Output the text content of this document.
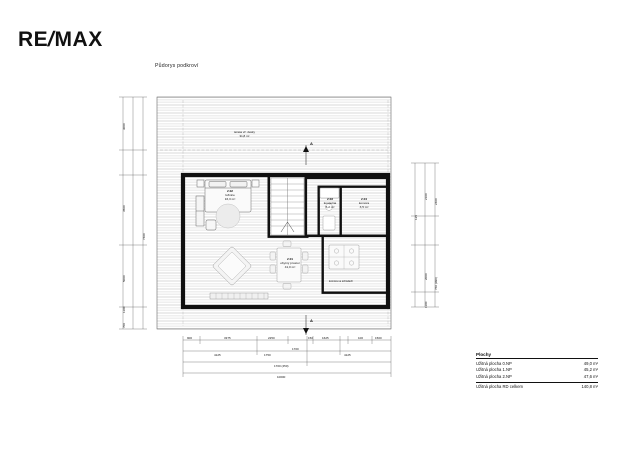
RE/MAX
Půdorys podkroví
terasa vč. desky
31,8 m²
2.01
obytný prostor
41,0 m²
2.02
ložnice
16,3 m²	2.03
koupelna
5,2 m²
2.04
komora
3,5 m²
komora ve schodech
A
A
900	3375	2250
1700
150	1625	100	1500
4125	1750	4125
1700 (450)
10000
3000
3500
5000
1100
700
7400
2100
2400
125
2000
1100
760 (990)
Plochy
Užitná plocha 0.NP	49,0 m²
Užitná plocha 1.NP	45,2 m²
Užitná plocha 2.NP	47,6 m²
Užitná plocha RD celkem	140,8 m²
